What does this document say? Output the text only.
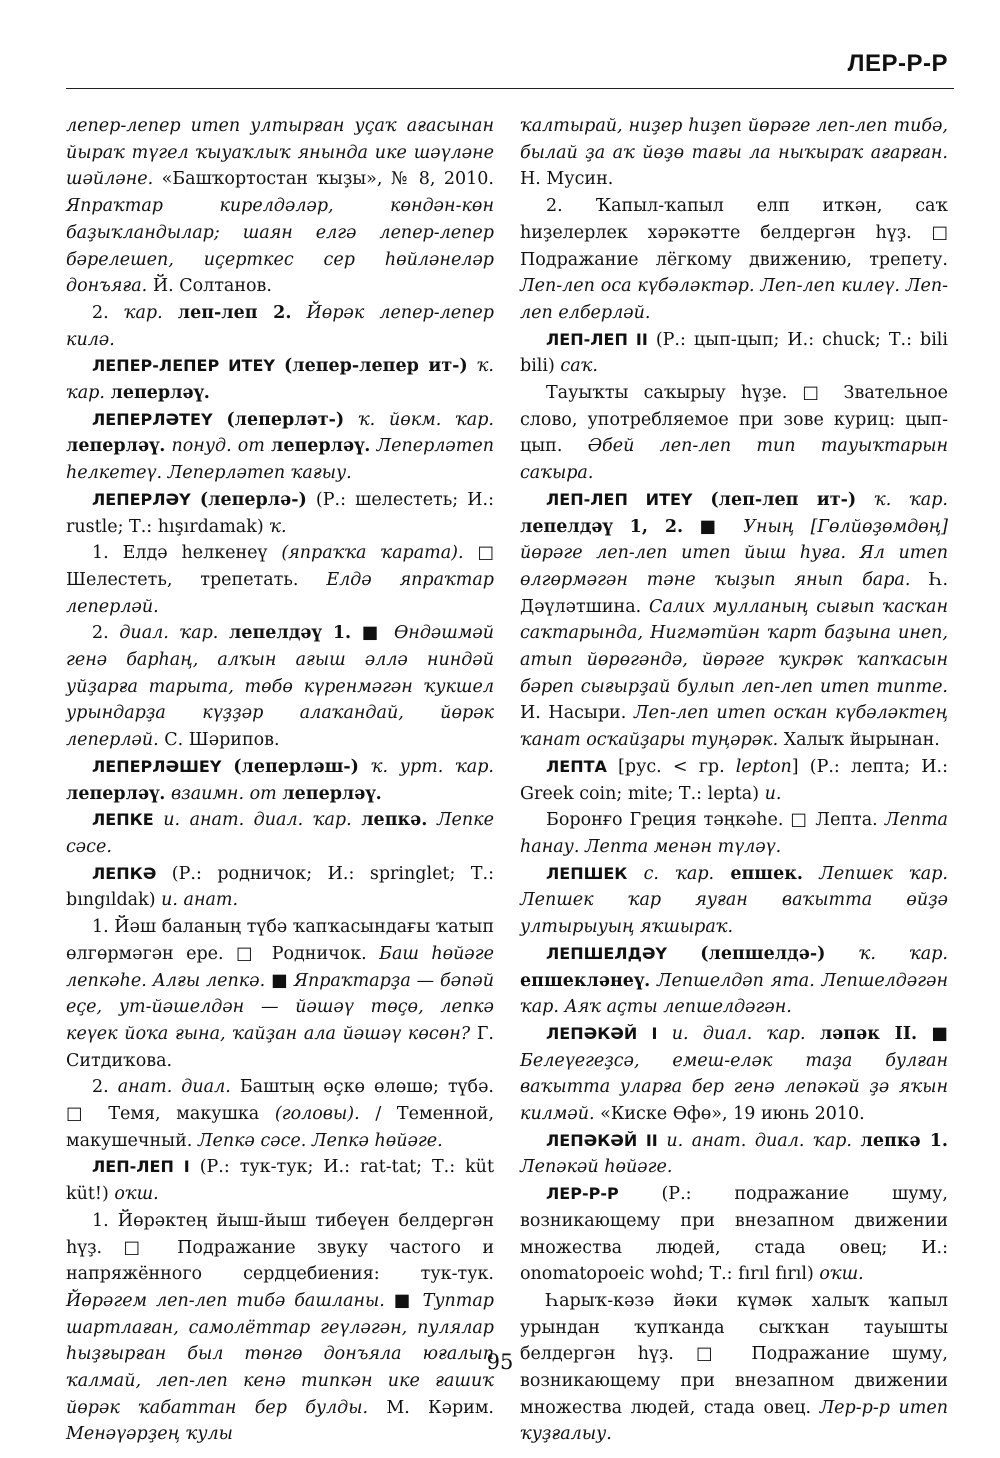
ЛЕР-Р-Р

лепер-лепер итеп ултырған уҫаҡ ағасынан йыраҡ түгел ҡыуаҡлыҡ янында ике шәүләне шәйләне. «Башҡортостан ҡыҙы», № 8, 2010. Япраҡтар кирелдәләр, көндән-көн баҙыҡландылар; шаян елгә лепер-лепер бәрелешеп, иҫерткес сер һөйләнеләр донъяға. Й. Солтанов.

2. ҡар. леп-леп 2. Йөрәк лепер-лепер килә.

ЛЕПЕР-ЛЕПЕР ИТЕҮ (лепер-лепер ит-) ҡ. ҡар. леперләү.

ЛЕПЕРЛӘТЕҮ (леперләт-) ҡ. йөкм. ҡар. леперләү. понуд. от леперләү. Леперләтеп һелкетеү. Леперләтеп ҡағыу.

ЛЕПЕРЛӘҮ (леперлә-) (Р.: шелестеть; И.: rustle; Т.: hışırdamak) ҡ.

1. Елдә һелкенеү (япраҡҡа ҡарата). □ Шелестеть, трепетать. Елдә япраҡтар леперләй.

2. диал. ҡар. лепелдәү 1. ■ Өндәшмәй генә барһаң, алҡын ағыш әллә ниндәй уйҙарға тарыта, төбө күренмәгән ҡукшел урындарҙа күҙҙәр алаҡандай, йөрәк леперләй. С. Шәрипов.

ЛЕПЕРЛӘШЕҮ (леперләш-) ҡ. урт. ҡар. леперләү. взаимн. от леперләү.

ЛЕПКЕ и. анат. диал. ҡар. лепкә. Лепке сәсе.

ЛЕПКӘ (Р.: родничок; И.: springlet; Т.: bıngıldak) и. анат.

1. Йәш баланың түбә ҡапҡасындағы ҡатып өлгөрмәгән ере. □ Родничок. Баш һөйәге лепкәһе. Алғы лепкә. ■ Япраҡтарҙа — бәпәй еҫе, ут-йәшелдән — йәшәү төҫө, лепкә кеүек йоҡа ғына, ҡайҙан ала йәшәү көсөн? Г. Ситдиҡова.

2. анат. диал. Баштың өҫкө өлөшө; түбә. □ Темя, макушка (головы). / Теменной, макушечный. Лепкә сәсе. Лепкә һөйәге.

ЛЕП-ЛЕП I (Р.: тук-тук; И.: rat-tat; Т.: küt küt!) оҡш.

1. Йөрәктең йыш-йыш тибеүен белдергән һүҙ. □ Подражание звуку частого и напряжённого сердцебиения: тук-тук. Йөрәгем леп-леп тибә башланы. ■ Туптар шартлаған, самолёттар геүләгән, пулялар һыҙғырған был төнгө донъяла юғалып ҡалмай, леп-леп кенә типкән ике ғашиҡ йөрәк ҡабаттан бер булды. М. Кәрим. Менәүәрҙең ҡулы

ҡалтырай, ниҙер һиҙеп йөрәге леп-леп тибә, былай ҙа аҡ йөҙө тағы ла ныҡыраҡ ағарған. Н. Мусин.

2. Ҡапыл-ҡапыл елп иткән, саҡ һиҙелерлек хәрәкәтте белдергән һүҙ. □ Подражание лёгкому движению, трепету. Леп-леп оса күбәләктәр. Леп-леп килеү. Леп-леп елберләй.

ЛЕП-ЛЕП II (Р.: цып-цып; И.: chuck; Т.: bili bili) саҡ.

Тауыҡты саҡырыу һүҙе. □ Звательное слово, употребляемое при зове куриц: цып-цып. Әбей леп-леп тип тауыҡтарын саҡыра.

ЛЕП-ЛЕП ИТЕҮ (леп-леп ит-) ҡ. ҡар. лепелдәү 1, 2. ■ Уның [Гөлйөҙөмдөң] йөрәге леп-леп итеп йыш һуға. Ял итеп өлгөрмәгән тәне ҡыҙып янып бара. Һ. Дәүләтшина. Салих мулланың сығып ҡасҡан саҡтарында, Нигмәтйән ҡарт баҙына инеп, атып йөрөгәндә, йөрәге ҡукрәк ҡапҡасын бәреп сығырҙай булып леп-леп итеп типте. И. Насыри. Леп-леп итеп осҡан күбәләктең ҡанат осҡайҙары туңәрәк. Халыҡ йырынан.

ЛЕПТА [рус. < гр. lepton] (Р.: лепта; И.: Greek coin; mite; Т.: lepta) и.

Боронғо Греция тәңкәһе. □ Лепта. Лепта һанау. Лепта менән түләү.

ЛЕПШЕК с. ҡар. епшек. Лепшек ҡар. Лепшек ҡар яуған ваҡытта өйҙә ултырыуың яҡшыраҡ.

ЛЕПШЕЛДӘҮ (лепшелдә-) ҡ. ҡар. епшекләнеү. Лепшелдәп ята. Лепшелдәгән ҡар. Аяҡ аҫты лепшелдәгән.

ЛЕПӘКӘЙ I и. диал. ҡар. ләпәк II. ■ Белеүегеҙсә, емеш-еләк таҙа булған ваҡытта уларға бер генә лепәкәй ҙә яҡын килмәй. «Киске Өфө», 19 июнь 2010.

ЛЕПӘКӘЙ II и. анат. диал. ҡар. лепкә 1. Лепәкәй һөйәге.

ЛЕР-Р-Р (Р.: подражание шуму, возникающему при внезапном движении множества людей, стада овец; И.: onomatopoeic wohd; Т.: fırıl fırıl) оҡш.

Һарыҡ-кәзә йәки күмәк халыҡ ҡапыл урындан ҡупҡанда сыҡҡан тауышты белдергән һүҙ. □ Подражание шуму, возникающему при внезапном движении множества людей, стада овец. Лер-р-р итеп ҡуҙғалыу.

95
